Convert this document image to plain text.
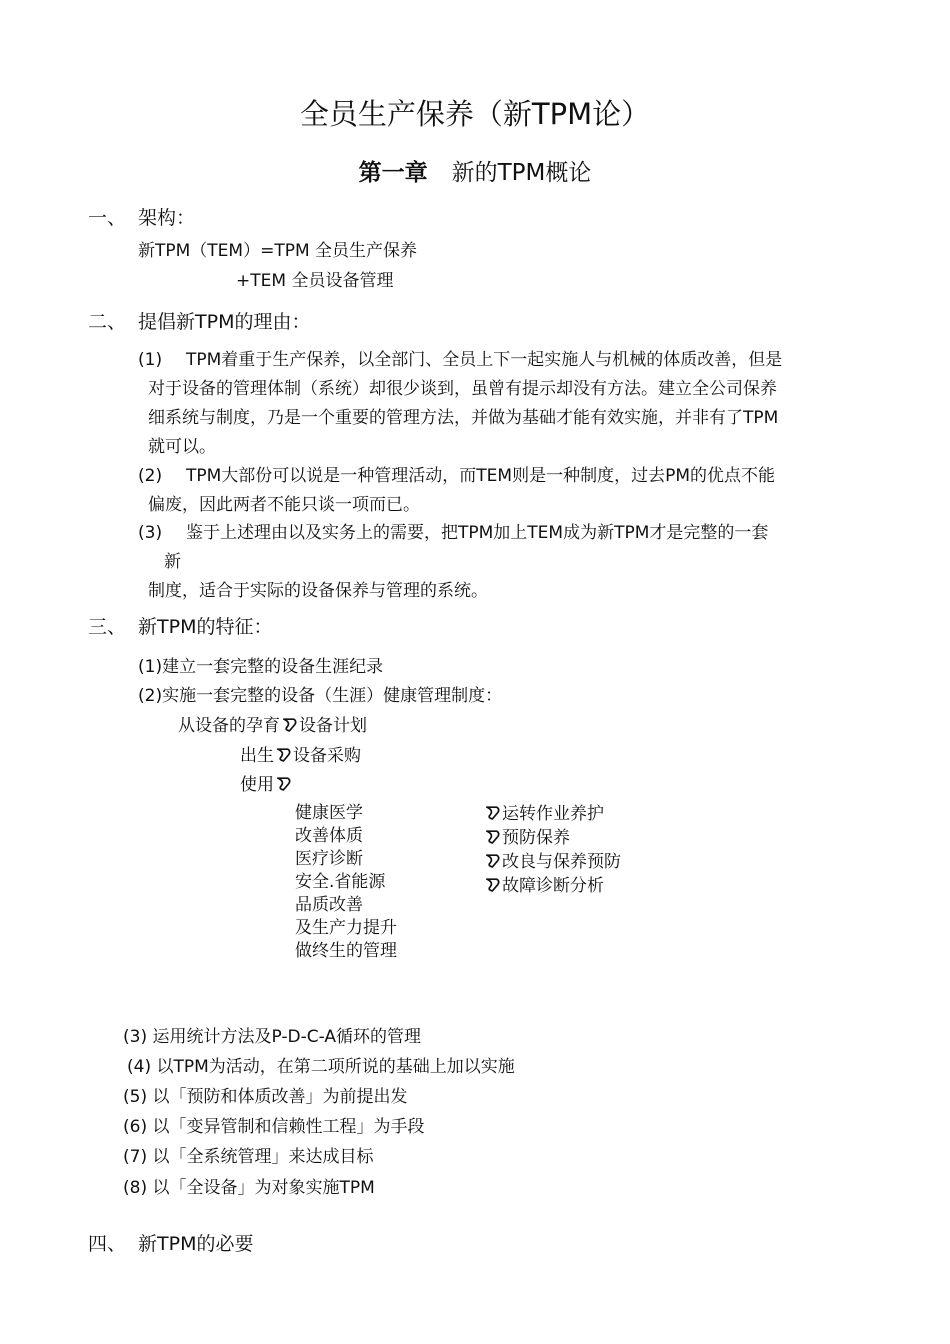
全员生产保养（新TPM论）
第一章 新的TPM概论
一、 架构：
新TPM（TEM）=TPM 全员生产保养
+TEM 全员设备管理
二、 提倡新TPM的理由：
(1) TPM着重于生产保养，以全部门、全员上下一起实施人与机械的体质改善，但是
对于设备的管理体制（系统）却很少谈到，虽曾有提示却没有方法。建立全公司保养
细系统与制度，乃是一个重要的管理方法，并做为基础才能有效实施，并非有了TPM
就可以。
(2) TPM大部份可以说是一种管理活动，而TEM则是一种制度，过去PM的优点不能
偏废，因此两者不能只谈一项而已。
(3) 鉴于上述理由以及实务上的需要，把TPM加上TEM成为新TPM才是完整的一套
新
制度，适合于实际的设备保养与管理的系统。
三、 新TPM的特征：
(1)建立一套完整的设备生涯纪录
(2)实施一套完整的设备（生涯）健康管理制度：
从设备的孕育 设备计划
出生 设备采购
使用
健康医学
改善体质
医疗诊断
安全.省能源
品质改善
及生产力提升
做终生的管理
运转作业养护
预防保养
改良与保养预防
故障诊断分析
(3) 运用统计方法及P-D-C-A循环的管理
(4) 以TPM为活动，在第二项所说的基础上加以实施
(5) 以「预防和体质改善」为前提出发
(6) 以「变异管制和信赖性工程」为手段
(7) 以「全系统管理」来达成目标
(8) 以「全设备」为对象实施TPM
四、 新TPM的必要
